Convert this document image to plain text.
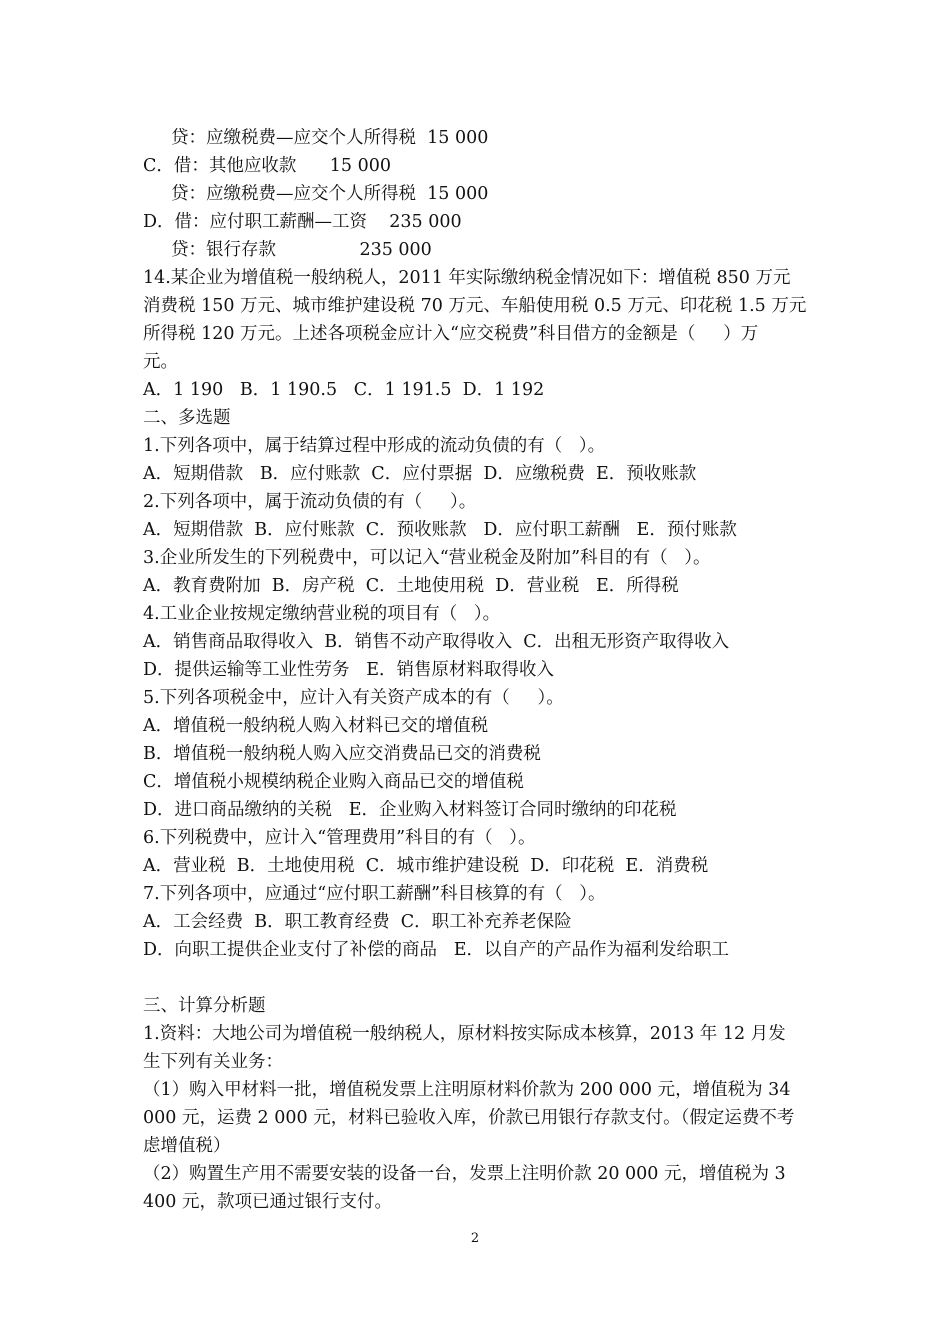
贷：应缴税费—应交个人所得税  15 000
C．借：其他应收款      15 000
贷：应缴税费—应交个人所得税  15 000
D．借：应付职工薪酬—工资    235 000
贷：银行存款               235 000
14.某企业为增值税一般纳税人，2011 年实际缴纳税金情况如下：增值税 850 万元
消费税 150 万元、城市维护建设税 70 万元、车船使用税 0.5 万元、印花税 1.5 万元
所得税 120 万元。上述各项税金应计入“应交税费”科目借方的金额是（     ）万
元。
A．1 190   B．1 190.5   C．1 191.5  D．1 192
二、多选题
1.下列各项中，属于结算过程中形成的流动负债的有（   ）。
A．短期借款   B．应付账款  C．应付票据  D．应缴税费  E．预收账款
2.下列各项中，属于流动负债的有（     ）。
A．短期借款  B．应付账款  C．预收账款   D．应付职工薪酬   E．预付账款
3.企业所发生的下列税费中，可以记入“营业税金及附加”科目的有（   ）。
A．教育费附加  B．房产税  C．土地使用税  D．营业税   E．所得税
4.工业企业按规定缴纳营业税的项目有（   ）。
A．销售商品取得收入  B．销售不动产取得收入  C．出租无形资产取得收入
D．提供运输等工业性劳务   E．销售原材料取得收入
5.下列各项税金中，应计入有关资产成本的有（     ）。
A．增值税一般纳税人购入材料已交的增值税
B．增值税一般纳税人购入应交消费品已交的消费税
C．增值税小规模纳税企业购入商品已交的增值税
D．进口商品缴纳的关税   E．企业购入材料签订合同时缴纳的印花税
6.下列税费中，应计入“管理费用”科目的有（   ）。
A．营业税  B．土地使用税  C．城市维护建设税  D．印花税  E．消费税
7.下列各项中，应通过“应付职工薪酬”科目核算的有（   ）。
A．工会经费  B．职工教育经费  C．职工补充养老保险
D．向职工提供企业支付了补偿的商品   E．以自产的产品作为福利发给职工
三、计算分析题
1.资料：大地公司为增值税一般纳税人，原材料按实际成本核算，2013 年 12 月发
生下列有关业务：
（1）购入甲材料一批，增值税发票上注明原材料价款为 200 000 元，增值税为 34
000 元，运费 2 000 元，材料已验收入库，价款已用银行存款支付。（假定运费不考
虑增值税）
（2）购置生产用不需要安装的设备一台，发票上注明价款 20 000 元，增值税为 3
400 元，款项已通过银行支付。
2
